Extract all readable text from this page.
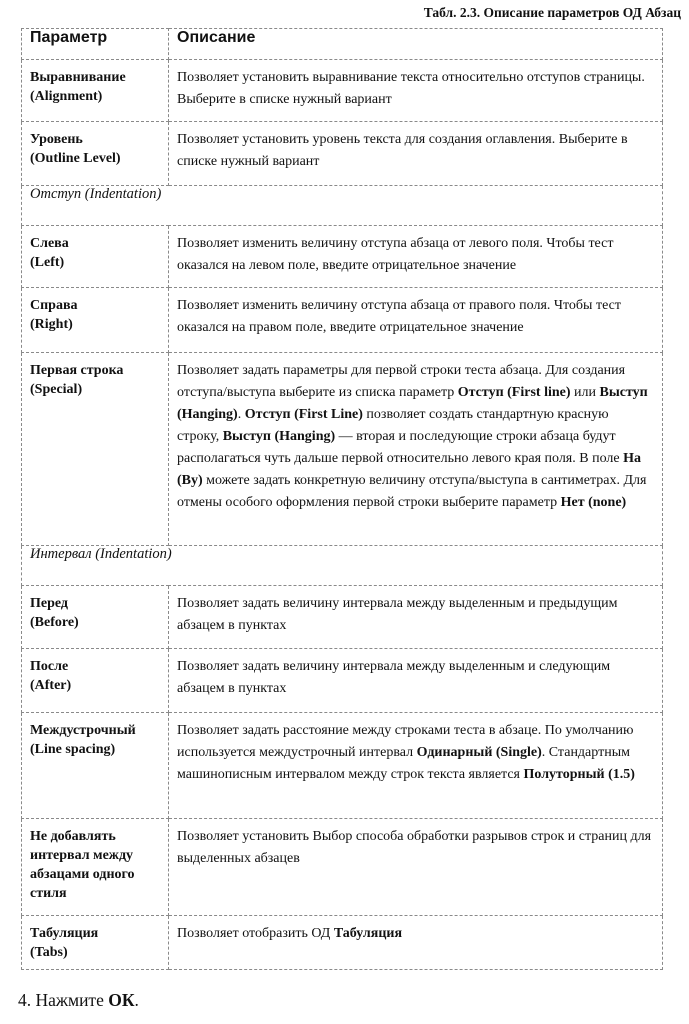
Табл. 2.3. Описание параметров ОД Абзац
Параметр	Описание

Выравнивание
(Alignment)	Позволяет установить выравнивание текста относительно отступов страницы. Выберите в списке нужный вариант

Уровень
(Outline Level)	Позволяет установить уровень текста для создания оглавления. Выберите в списке нужный вариант
Отступ (Indentation)	

Слева
(Left)	Позволяет изменить величину отступа абзаца от левого поля. Чтобы тест оказался на левом поле, введите отрицательное значение

Справа
(Right)	Позволяет изменить величину отступа абзаца от правого поля. Чтобы тест оказался на правом поле, введите отрицательное значение

Первая строка
(Special)	Позволяет задать параметры для первой строки теста абзаца. Для создания отступа/выступа выберите из списка параметр Отступ (First line) или Выступ (Hanging). Отступ (First Line) позволяет создать стандартную красную строку, Выступ (Hanging) — вторая и последующие строки абзаца будут располагаться чуть дальше первой относительно левого края поля. В поле На (By) можете задать конкретную величину отступа/выступа в сантиметрах. Для отмены особого оформления первой строки выберите параметр Нет (none)
Интервал (Indentation)	

Перед
(Before)	Позволяет задать величину интервала между выделенным и предыдущим абзацем в пунктах

После
(After)	Позволяет задать величину интервала между выделенным и следующим абзацем в пунктах

Междустрочный
(Line spacing)	Позволяет задать расстояние между строками теста в абзаце. По умолчанию используется междустрочный интервал Одинарный (Single). Стандартным машинописным интервалом между строк текста является Полуторный (1.5)

Не добавлять интервал между абзацами одного стиля	Позволяет установить Выбор способа обработки разрывов строк и страниц для выделенных абзацев

Табуляция
(Tabs)	Позволяет отобразить ОД Табуляция
4. Нажмите ОК.
